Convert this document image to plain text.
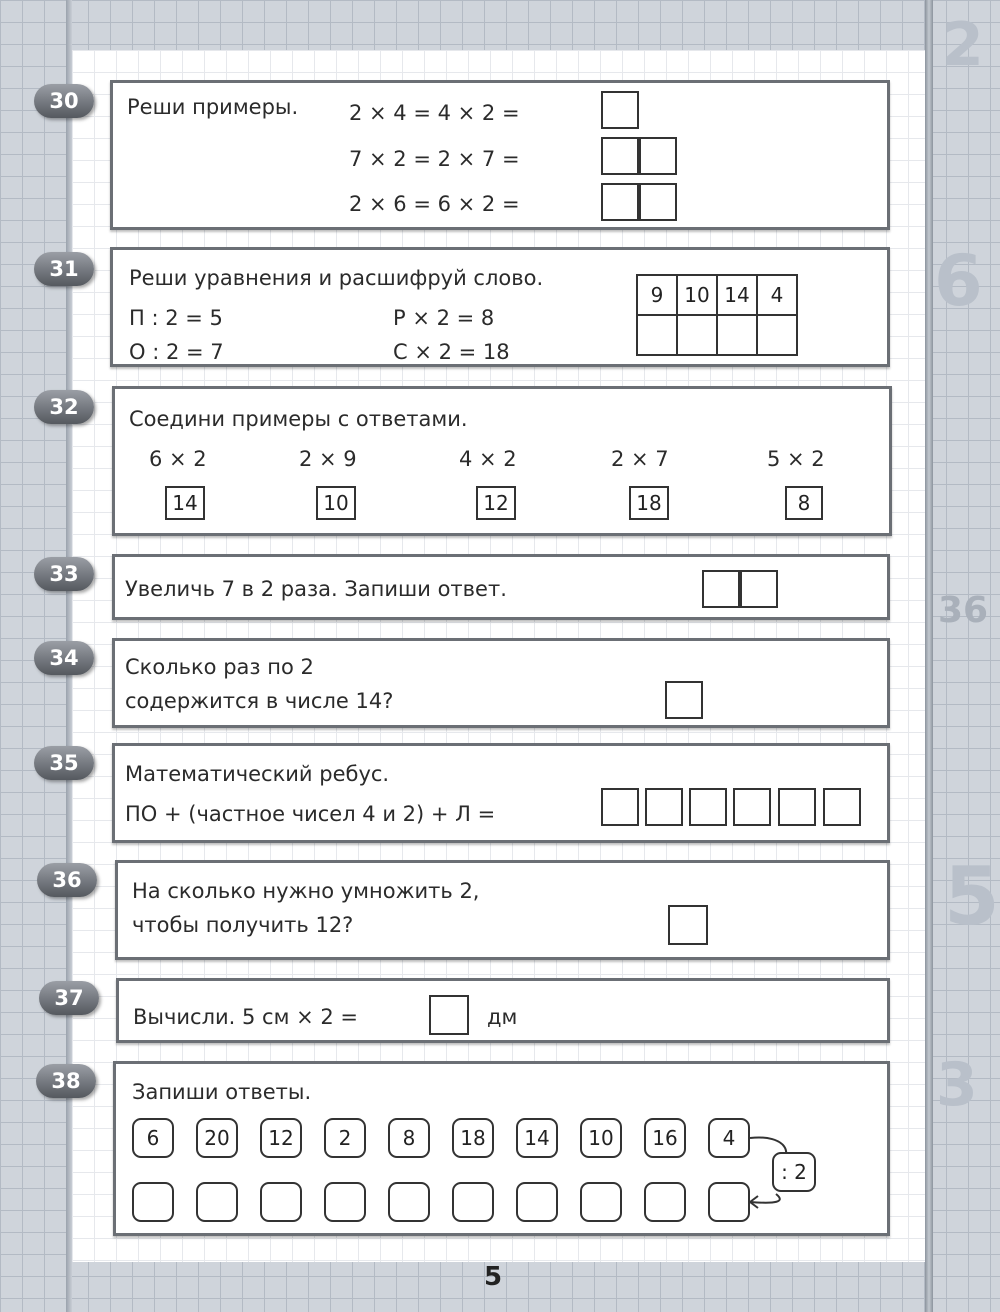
2
6
36
5
3
30	Реши примеры. 2 × 4 = 4 × 2 =
7 × 2 = 2 × 7 =
2 × 6 = 6 × 2 =
31	Реши уравнения и расшифруй слово.
П : 2 = 5	Р × 2 = 8
О : 2 = 7	С × 2 = 18
9	10	14	4

32	Соедини примеры с ответами.
6 × 2	2 × 9	4 × 2	2 × 7	5 × 2
14	10	12	18	8
33
Увеличь 7 в 2 раза. Запиши ответ.
34	Сколько раз по 2
содержится в числе 14?
35	Математический ребус.
ПО + (частное чисел 4 и 2) + Л =
36	На сколько нужно умножить 2,
чтобы получить 12?
37
Вычисли. 5 см × 2 =	дм
38	Запиши ответы.
6	20	12	2	8	18	14	10	16	4
: 2
5
